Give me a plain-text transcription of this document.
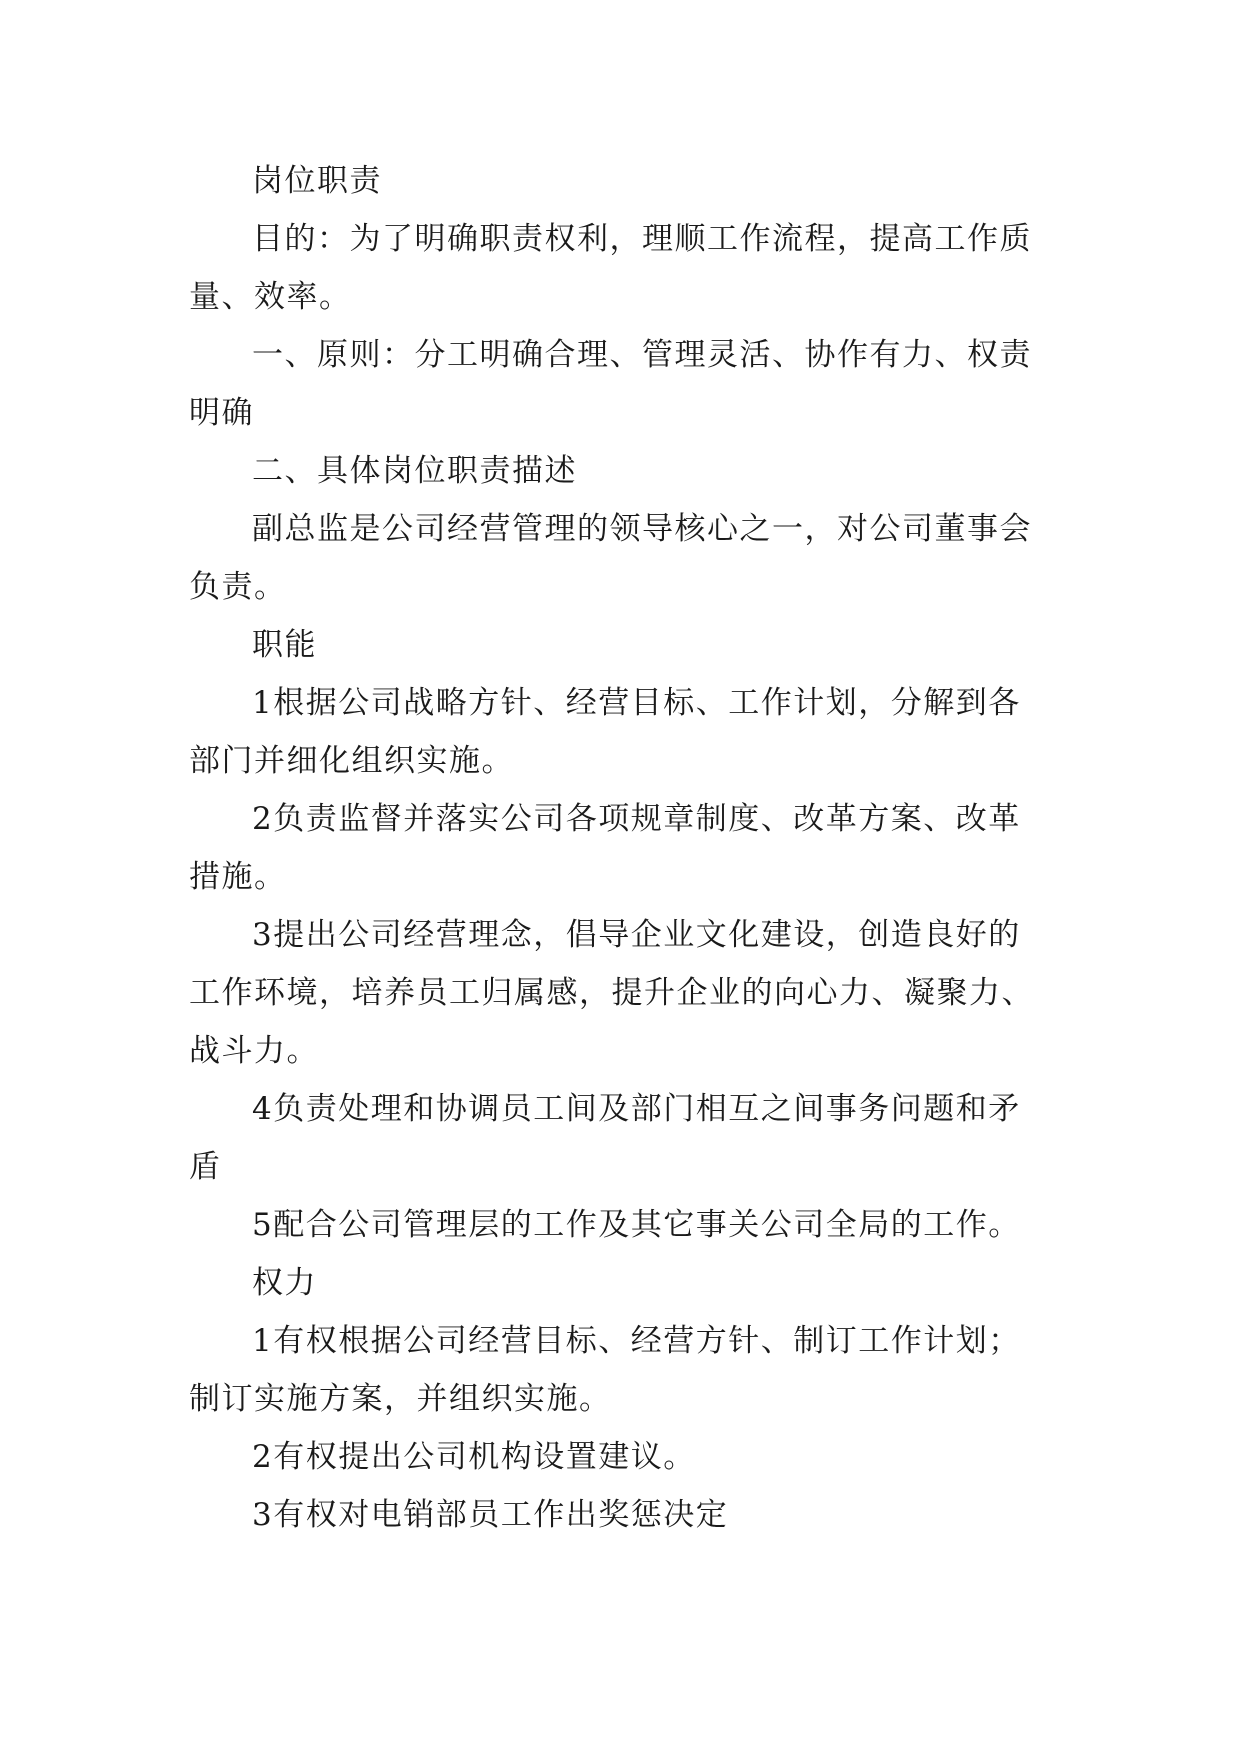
岗位职责

目的：为了明确职责权利，理顺工作流程，提高工作质量、效率。

一、原则：分工明确合理、管理灵活、协作有力、权责明确

二、具体岗位职责描述

副总监是公司经营管理的领导核心之一，对公司董事会负责。

职能

1根据公司战略方针、经营目标、工作计划，分解到各部门并细化组织实施。

2负责监督并落实公司各项规章制度、改革方案、改革措施。

3提出公司经营理念，倡导企业文化建设，创造良好的工作环境，培养员工归属感，提升企业的向心力、凝聚力、战斗力。

4负责处理和协调员工间及部门相互之间事务问题和矛盾

5配合公司管理层的工作及其它事关公司全局的工作。

权力

1有权根据公司经营目标、经营方针、制订工作计划；制订实施方案，并组织实施。

2有权提出公司机构设置建议。

3有权对电销部员工作出奖惩决定
